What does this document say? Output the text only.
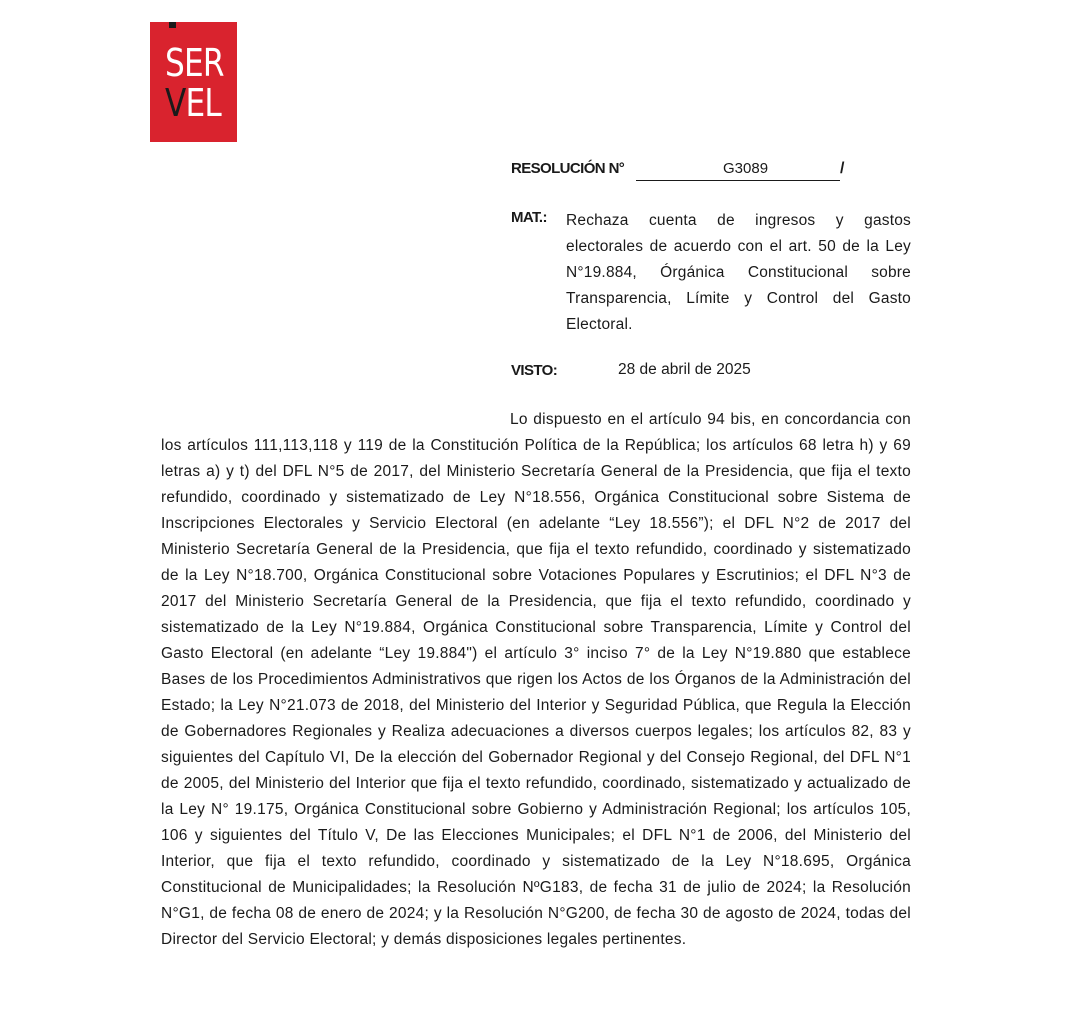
SER
VEL
RESOLUCIÓN N°	G3089	/
MAT.: Rechaza cuenta de ingresos y gastos electorales de acuerdo con el art. 50 de la Ley N°19.884, Órgánica Constitucional sobre Transparencia, Límite y Control del Gasto Electoral.
VISTO:	28 de abril de 2025
Lo dispuesto en el artículo 94 bis, en concordancia con los artículos 111,113,118 y 119 de la Constitución Política de la República; los artículos 68 letra h) y 69 letras a) y t) del DFL N°5 de 2017, del Ministerio Secretaría General de la Presidencia, que fija el texto refundido, coordinado y sistematizado de Ley N°18.556, Orgánica Constitucional sobre Sistema de Inscripciones Electorales y Servicio Electoral (en adelante “Ley 18.556”); el DFL N°2 de 2017 del Ministerio Secretaría General de la Presidencia, que fija el texto refundido, coordinado y sistematizado de la Ley N°18.700, Orgánica Constitucional sobre Votaciones Populares y Escrutinios; el DFL N°3 de 2017 del Ministerio Secretaría General de la Presidencia, que fija el texto refundido, coordinado y sistematizado de la Ley N°19.884, Orgánica Constitucional sobre Transparencia, Límite y Control del Gasto Electoral (en adelante “Ley 19.884") el artículo 3° inciso 7° de la Ley N°19.880 que establece Bases de los Procedimientos Administrativos que rigen los Actos de los Órganos de la Administración del Estado; la Ley N°21.073 de 2018, del Ministerio del Interior y Seguridad Pública, que Regula la Elección de Gobernadores Regionales y Realiza adecuaciones a diversos cuerpos legales; los artículos 82, 83 y siguientes del Capítulo VI, De la elección del Gobernador Regional y del Consejo Regional, del DFL N°1 de 2005, del Ministerio del Interior que fija el texto refundido, coordinado, sistematizado y actualizado de la Ley N° 19.175, Orgánica Constitucional sobre Gobierno y Administración Regional; los artículos 105, 106 y siguientes del Título V, De las Elecciones Municipales; el DFL N°1 de 2006, del Ministerio del Interior, que fija el texto refundido, coordinado y sistematizado de la Ley N°18.695, Orgánica Constitucional de Municipalidades; la Resolución NºG183, de fecha 31 de julio de 2024; la Resolución N°G1, de fecha 08 de enero de 2024; y la Resolución N°G200, de fecha 30 de agosto de 2024, todas del Director del Servicio Electoral; y demás disposiciones legales pertinentes.
